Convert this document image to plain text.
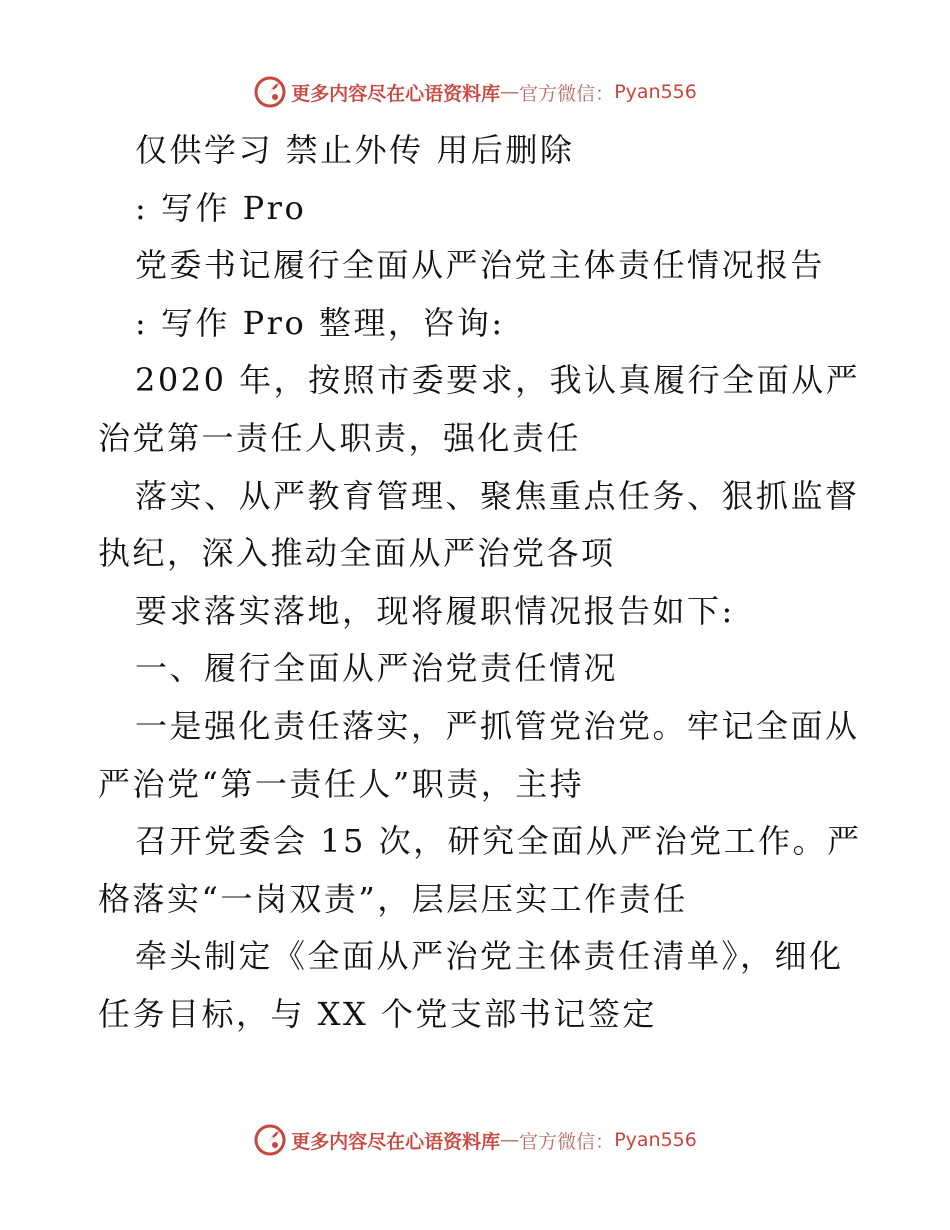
更多内容尽在心语资料库 — 官方微信： Pyan556
仅供学习 禁止外传 用后删除
: 写作 Pro
党委书记履行全面从严治党主体责任情况报告
: 写作 Pro 整理，咨询:
2020 年，按照市委要求，我认真履行全面从严
治党第一责任人职责，强化责任
落实、从严教育管理、聚焦重点任务、狠抓监督
执纪，深入推动全面从严治党各项
要求落实落地，现将履职情况报告如下:
一、履行全面从严治党责任情况
一是强化责任落实，严抓管党治党。牢记全面从
严治党“第一责任人”职责，主持
召开党委会 15 次，研究全面从严治党工作。严
格落实“一岗双责”，层层压实工作责任
牵头制定《全面从严治党主体责任清单》，细化
任务目标，与 XX 个党支部书记签定
更多内容尽在心语资料库 — 官方微信： Pyan556
